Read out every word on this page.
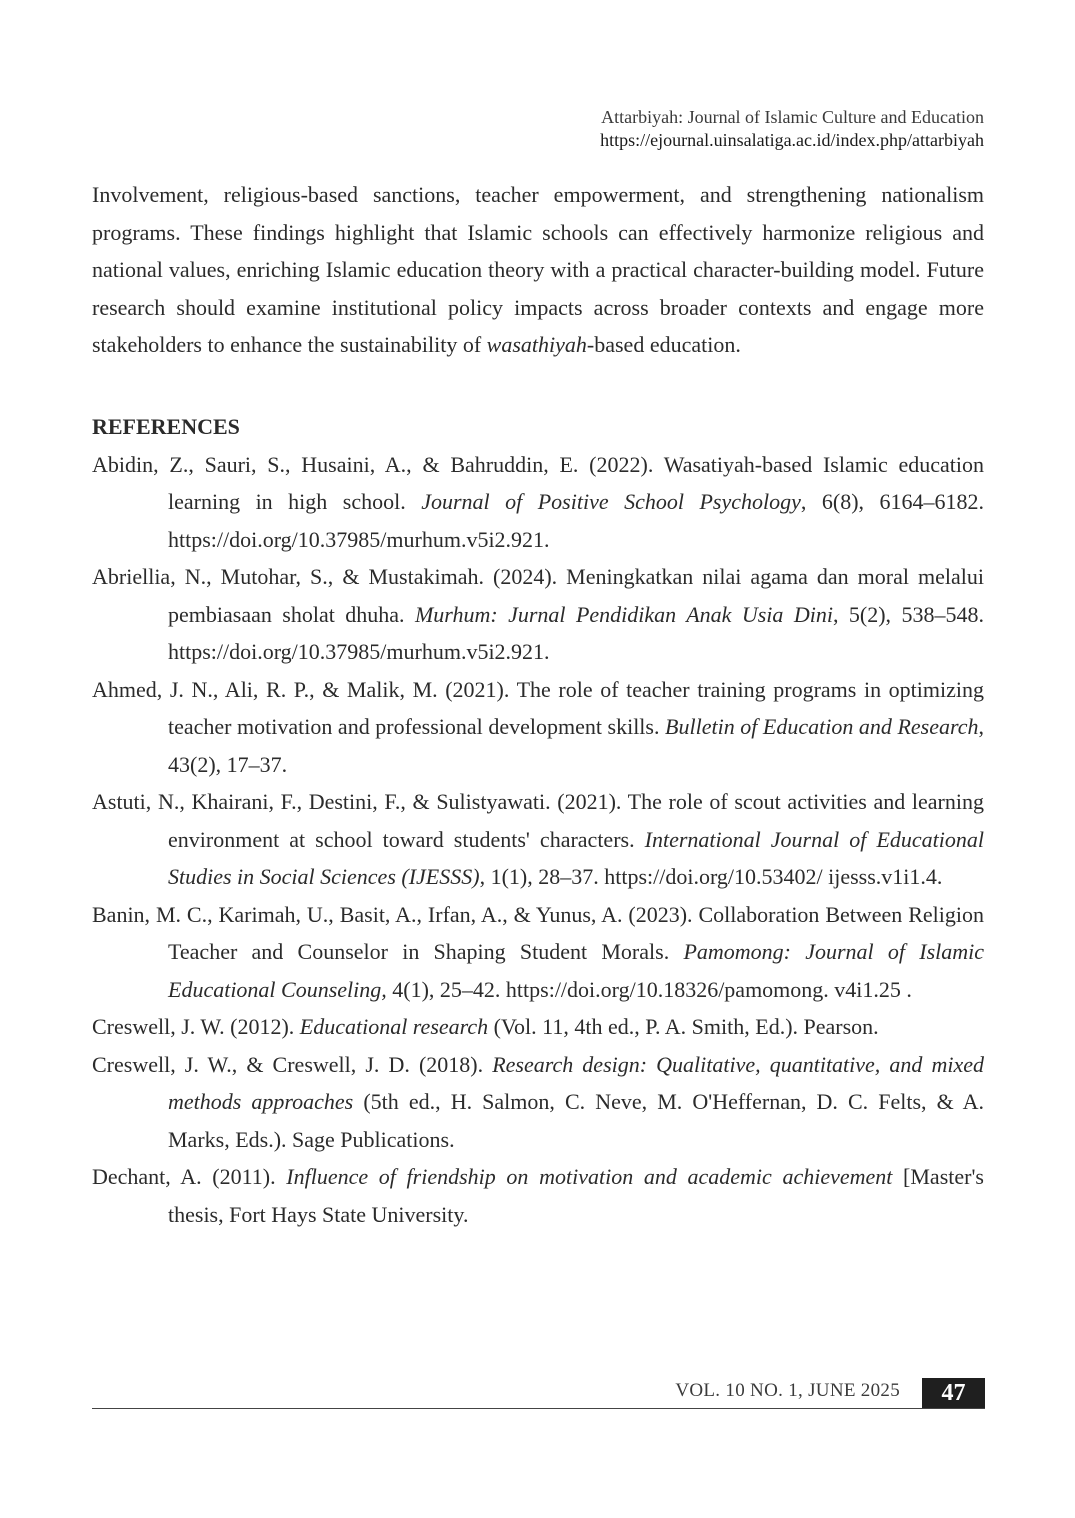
Attarbiyah: Journal of Islamic Culture and Education
https://ejournal.uinsalatiga.ac.id/index.php/attarbiyah

Involvement, religious-based sanctions, teacher empowerment, and strengthening nationalism programs. These findings highlight that Islamic schools can effectively harmonize religious and national values, enriching Islamic education theory with a practical character-building model. Future research should examine institutional policy impacts across broader contexts and engage more stakeholders to enhance the sustainability of wasathiyah-based education.

REFERENCES

Abidin, Z., Sauri, S., Husaini, A., & Bahruddin, E. (2022). Wasatiyah-based Islamic education learning in high school. Journal of Positive School Psychology, 6(8), 6164–6182. https://doi.org/10.37985/murhum.v5i2.921.

Abriellia, N., Mutohar, S., & Mustakimah. (2024). Meningkatkan nilai agama dan moral melalui pembiasaan sholat dhuha. Murhum: Jurnal Pendidikan Anak Usia Dini, 5(2), 538–548. https://doi.org/10.37985/murhum.v5i2.921.

Ahmed, J. N., Ali, R. P., & Malik, M. (2021). The role of teacher training programs in optimizing teacher motivation and professional development skills. Bulletin of Education and Research, 43(2), 17–37.

Astuti, N., Khairani, F., Destini, F., & Sulistyawati. (2021). The role of scout activities and learning environment at school toward students' characters. International Journal of Educational Studies in Social Sciences (IJESSS), 1(1), 28–37. https://doi.org/10.53402/ ijesss.v1i1.4.

Banin, M. C., Karimah, U., Basit, A., Irfan, A., & Yunus, A. (2023). Collaboration Between Religion Teacher and Counselor in Shaping Student Morals. Pamomong: Journal of Islamic Educational Counseling, 4(1), 25–42. https://doi.org/10.18326/pamomong. v4i1.25 .

Creswell, J. W. (2012). Educational research (Vol. 11, 4th ed., P. A. Smith, Ed.). Pearson.

Creswell, J. W., & Creswell, J. D. (2018). Research design: Qualitative, quantitative, and mixed methods approaches (5th ed., H. Salmon, C. Neve, M. O'Heffernan, D. C. Felts, & A. Marks, Eds.). Sage Publications.

Dechant, A. (2011). Influence of friendship on motivation and academic achievement [Master's thesis, Fort Hays State University.

VOL. 10 NO. 1, JUNE 2025	47
